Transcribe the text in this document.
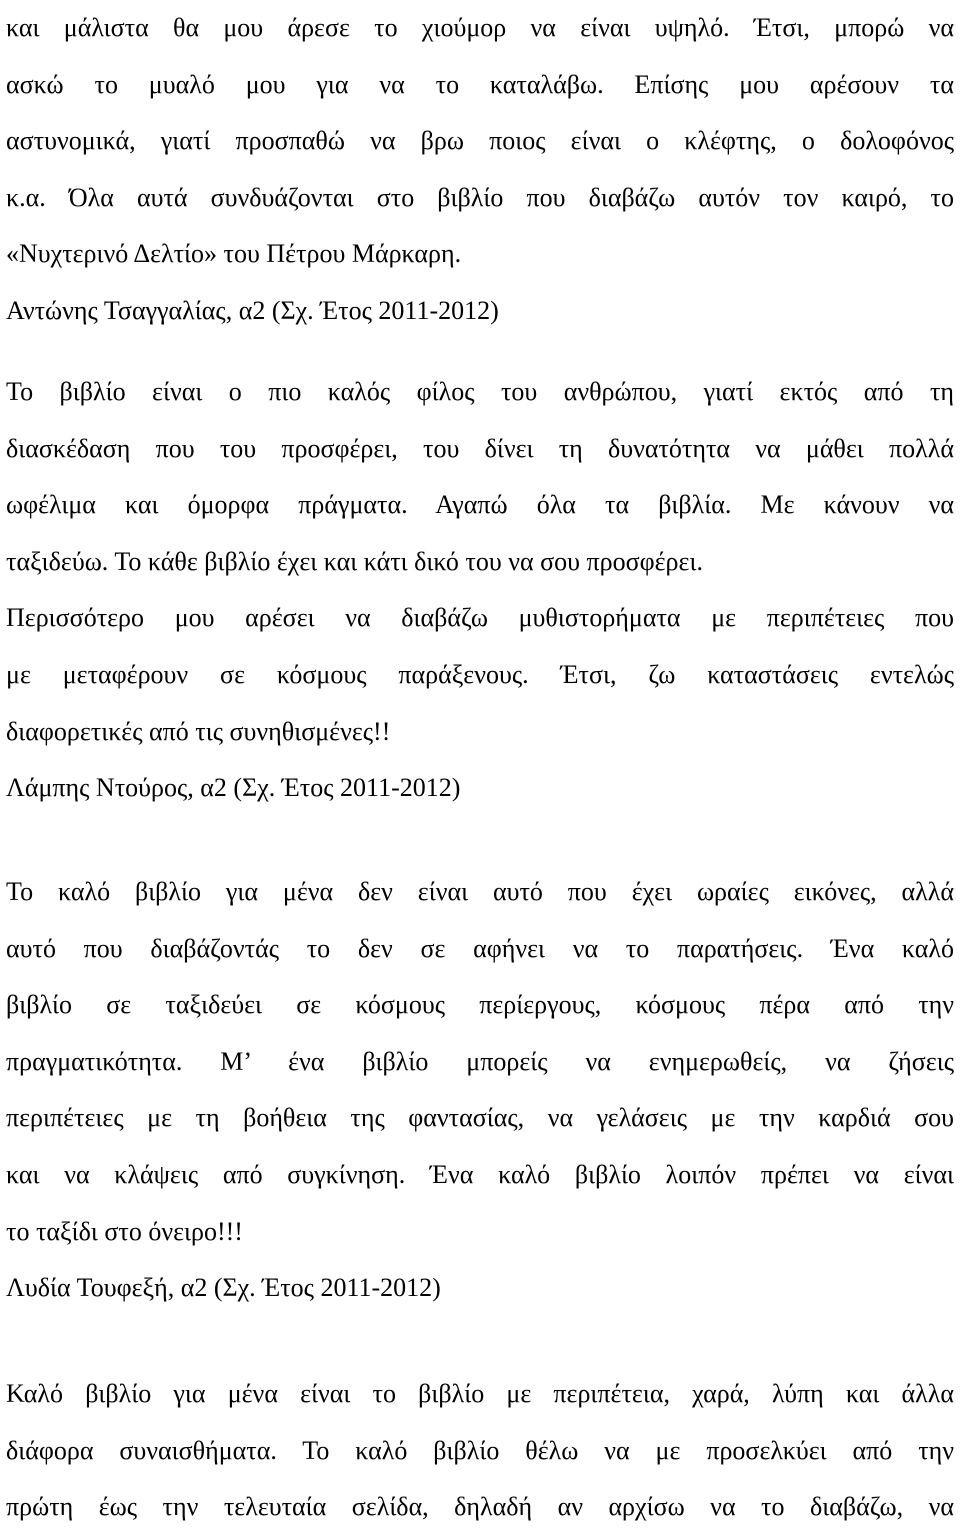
και μάλιστα θα μου άρεσε το χιούμορ να είναι υψηλό. Έτσι, μπορώ να
ασκώ το μυαλό μου για να το καταλάβω. Επίσης μου αρέσουν τα
αστυνομικά, γιατί προσπαθώ να βρω ποιος είναι ο κλέφτης, ο δολοφόνος
κ.α. Όλα αυτά συνδυάζονται στο βιβλίο που διαβάζω αυτόν τον καιρό, το
«Νυχτερινό Δελτίο» του Πέτρου Μάρκαρη.
Αντώνης Τσαγγαλίας, α2 (Σχ. Έτος 2011-2012)
Το βιβλίο είναι ο πιο καλός φίλος του ανθρώπου, γιατί εκτός από τη
διασκέδαση που του προσφέρει, του δίνει τη δυνατότητα να μάθει πολλά
ωφέλιμα και όμορφα πράγματα. Αγαπώ όλα τα βιβλία. Με κάνουν να
ταξιδεύω. Το κάθε βιβλίο έχει και κάτι δικό του να σου προσφέρει.
Περισσότερο μου αρέσει να διαβάζω μυθιστορήματα με περιπέτειες που
με μεταφέρουν σε κόσμους παράξενους. Έτσι, ζω καταστάσεις εντελώς
διαφορετικές από τις συνηθισμένες!!
Λάμπης Ντούρος, α2 (Σχ. Έτος 2011-2012)
Το καλό βιβλίο για μένα δεν είναι αυτό που έχει ωραίες εικόνες, αλλά
αυτό που διαβάζοντάς το δεν σε αφήνει να το παρατήσεις. Ένα καλό
βιβλίο σε ταξιδεύει σε κόσμους περίεργους, κόσμους πέρα από την
πραγματικότητα. Μ’ ένα βιβλίο μπορείς να ενημερωθείς, να ζήσεις
περιπέτειες με τη βοήθεια της φαντασίας, να γελάσεις με την καρδιά σου
και να κλάψεις από συγκίνηση. Ένα καλό βιβλίο λοιπόν πρέπει να είναι
το ταξίδι στο όνειρο!!!
Λυδία Τουφεξή, α2 (Σχ. Έτος 2011-2012)
Καλό βιβλίο για μένα είναι το βιβλίο με περιπέτεια, χαρά, λύπη και άλλα
διάφορα συναισθήματα. Το καλό βιβλίο θέλω να με προσελκύει από την
πρώτη έως την τελευταία σελίδα, δηλαδή αν αρχίσω να το διαβάζω, να
